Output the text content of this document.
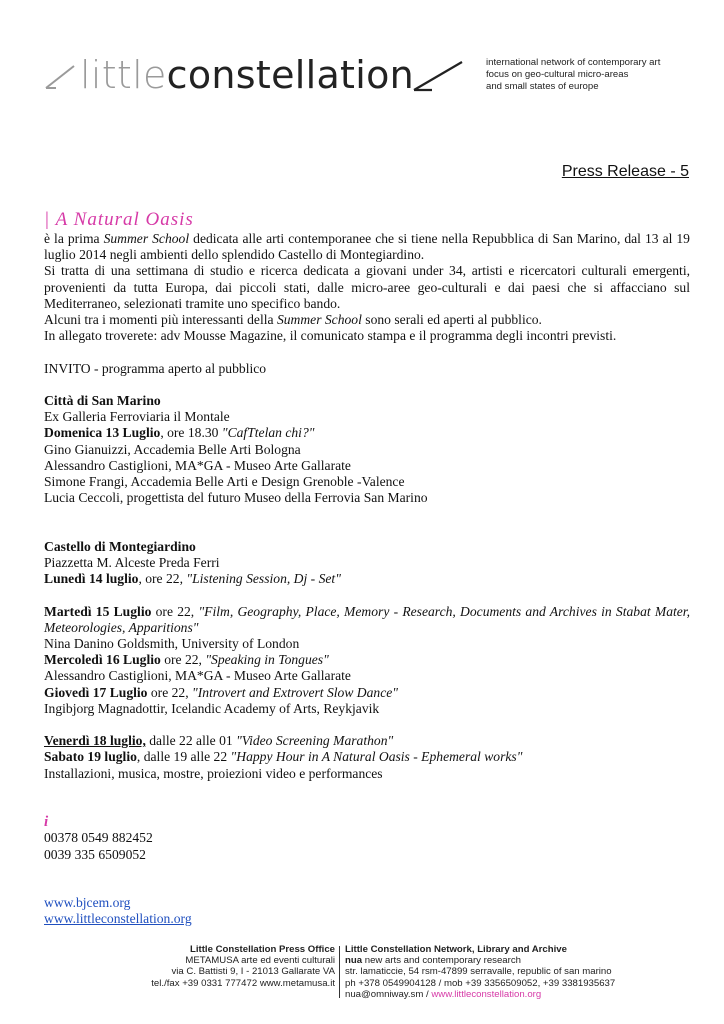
littleconstellation	international network of contemporary art
focus on geo-cultural micro-areas
and small states of europe
Press Release - 5
| A Natural Oasis
è la prima Summer School dedicata alle arti contemporanee che si tiene nella Repubblica di San Marino, dal 13 al 19 luglio 2014 negli ambienti dello splendido Castello di Montegiardino.
Si tratta di una settimana di studio e ricerca dedicata a giovani under 34, artisti e ricercatori culturali emergenti, provenienti da tutta Europa, dai piccoli stati, dalle micro-aree geo-culturali e dai paesi che si affacciano sul Mediterraneo, selezionati tramite uno specifico bando.
Alcuni tra i momenti più interessanti della Summer School sono serali ed aperti al pubblico.
In allegato troverete: adv Mousse Magazine, il comunicato stampa e il programma degli incontri previsti.
INVITO - programma aperto al pubblico
Città di San Marino
Ex Galleria Ferroviaria il Montale
Domenica 13 Luglio, ore 18.30 "CafTtelan chi?"
Gino Gianuizzi, Accademia Belle Arti Bologna
Alessandro Castiglioni, MA*GA - Museo Arte Gallarate
Simone Frangi, Accademia Belle Arti e Design Grenoble -Valence
Lucia Ceccoli, progettista del futuro Museo della Ferrovia San Marino
Castello di Montegiardino
Piazzetta M. Alceste Preda Ferri
Lunedì 14 luglio, ore 22, "Listening Session, Dj - Set"
Martedì 15 Luglio ore 22, "Film, Geography, Place, Memory - Research, Documents and Archives in Stabat Mater, Meteorologies, Apparitions"
Nina Danino Goldsmith, University of London
Mercoledì 16 Luglio ore 22, "Speaking in Tongues"
Alessandro Castiglioni, MA*GA - Museo Arte Gallarate
Giovedì 17 Luglio ore 22, "Introvert and Extrovert Slow Dance"
Ingibjorg Magnadottir, Icelandic Academy of Arts, Reykjavik
Venerdì 18 luglio, dalle 22 alle 01 "Video Screening Marathon"
Sabato 19 luglio, dalle 19 alle 22 "Happy Hour in A Natural Oasis - Ephemeral works"
Installazioni, musica, mostre, proiezioni video e performances
i
00378 0549 882452
0039 335 6509052
www.bjcem.org
www.littleconstellation.org
Little Constellation Press Office
METAMUSA arte ed eventi culturali
via C. Battisti 9, I - 21013 Gallarate VA
tel./fax +39 0331 777472 www.metamusa.it
Little Constellation Network, Library and Archive
nua new arts and contemporary research
str. lamaticcie, 54 rsm-47899 serravalle, republic of san marino
ph +378 0549904128 / mob +39 3356509052, +39 3381935637
nua@omniway.sm / www.littleconstellation.org
